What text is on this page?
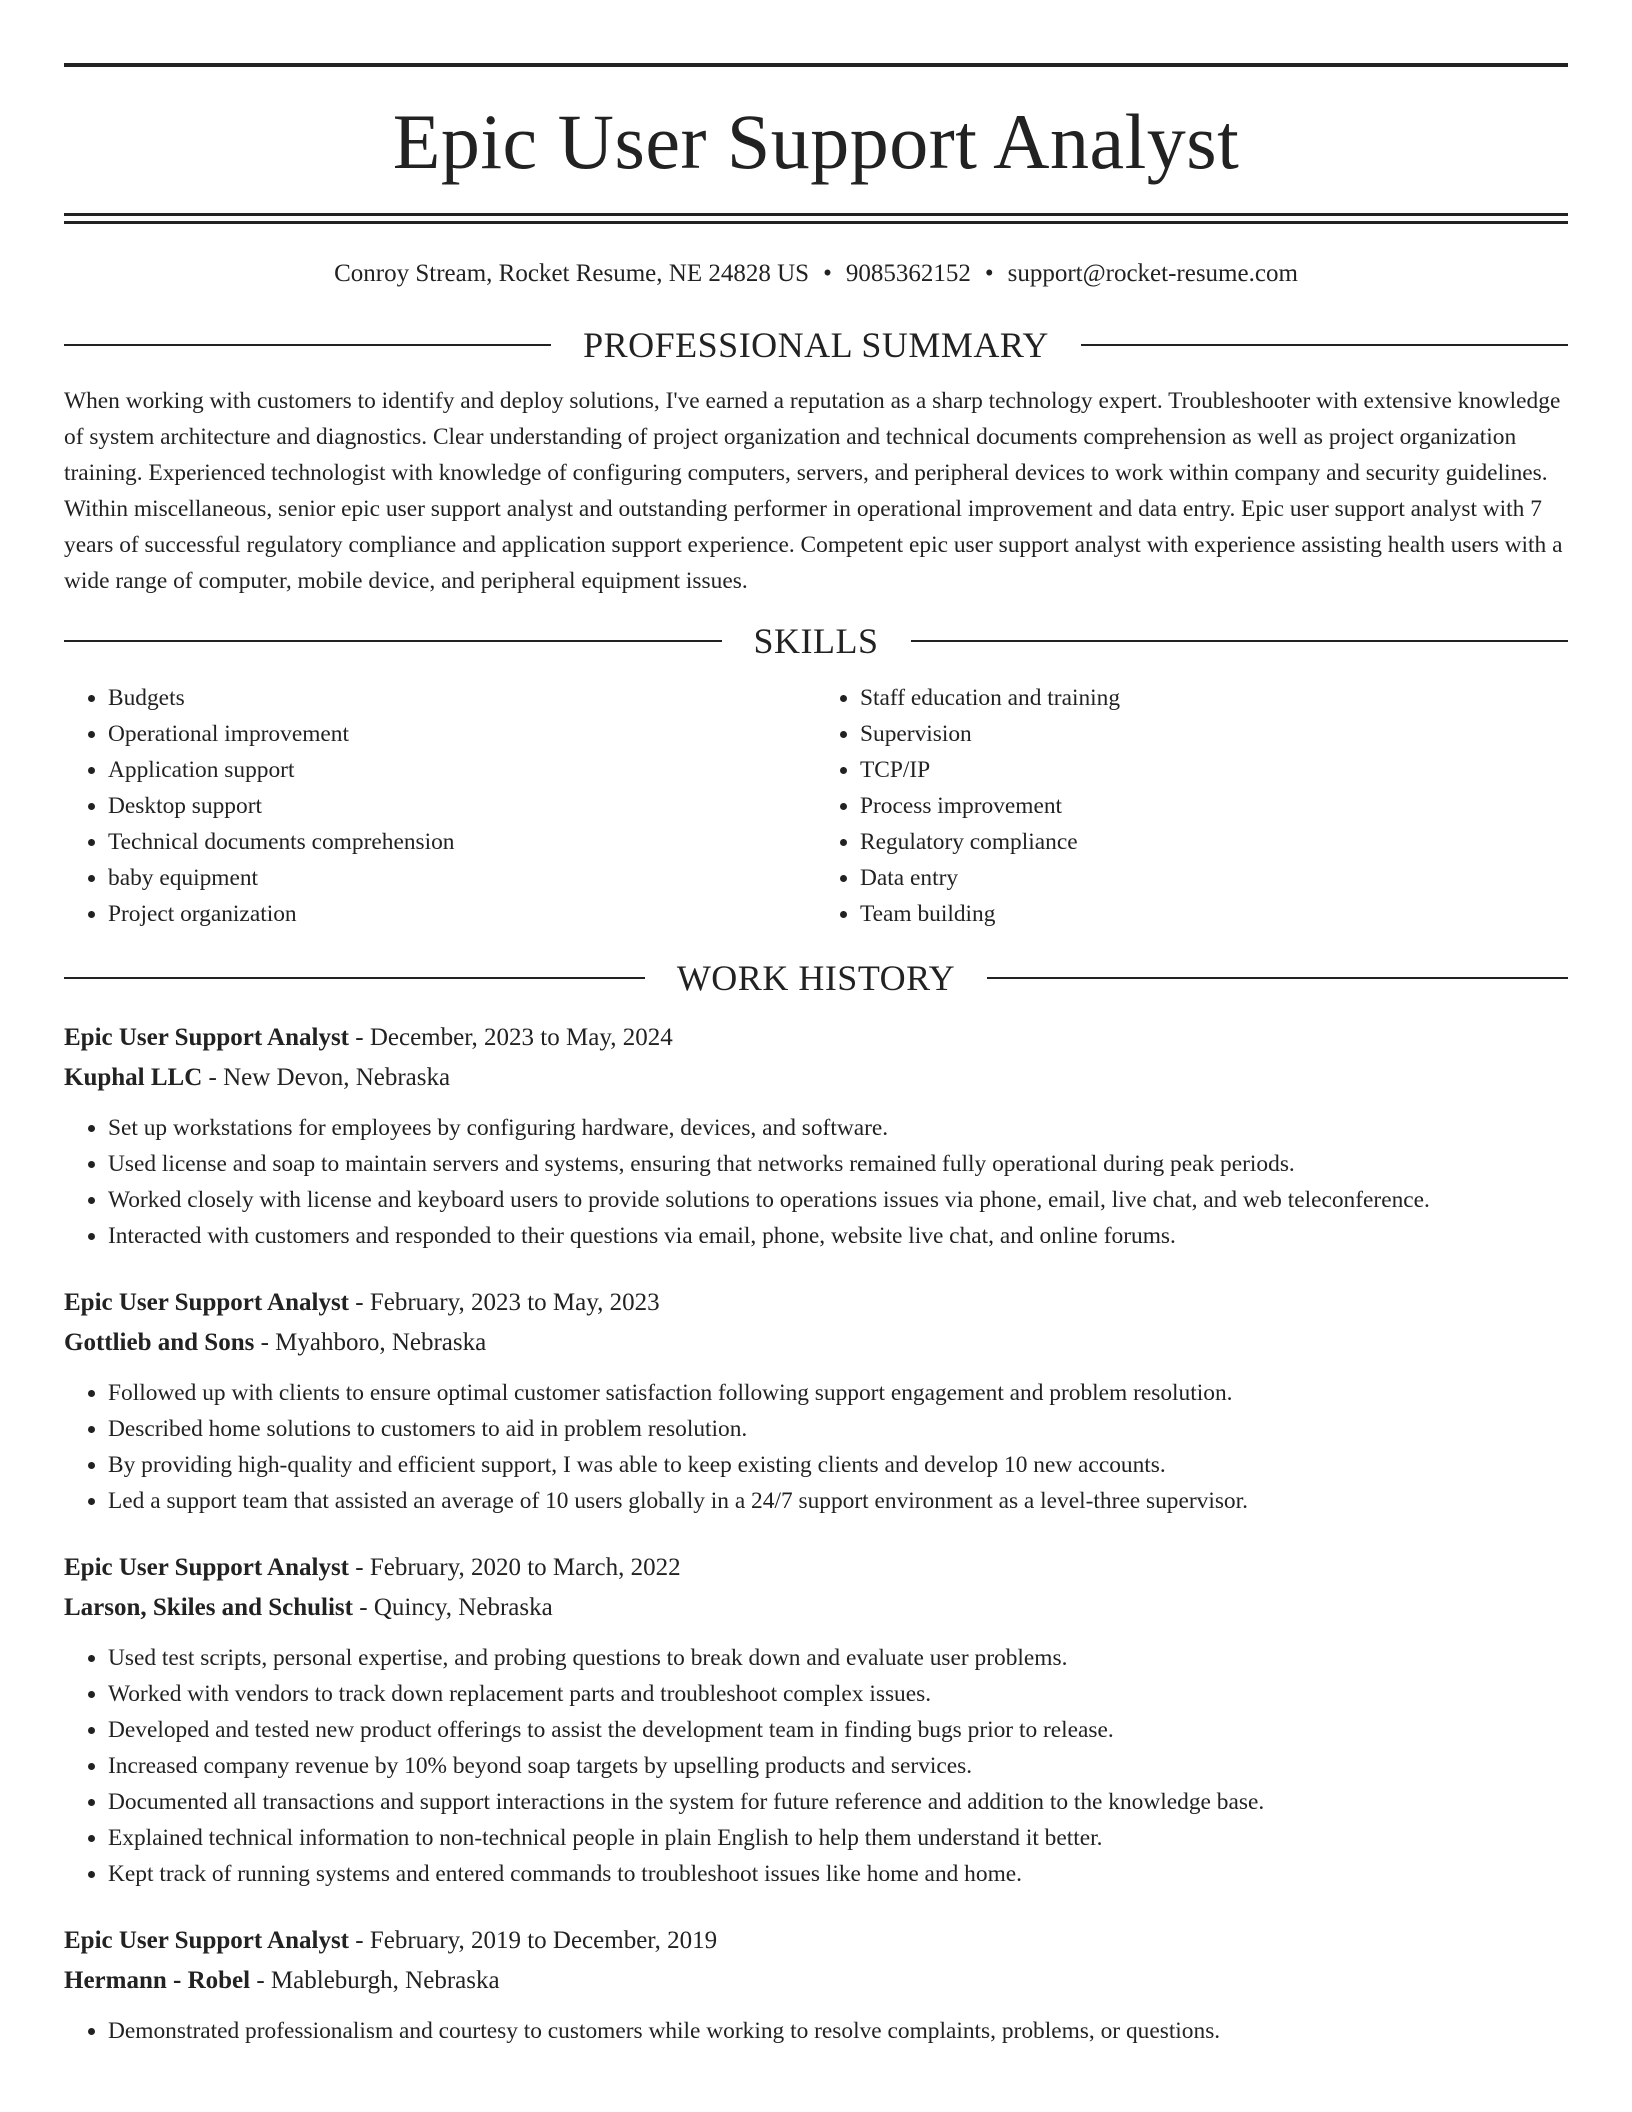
Epic User Support Analyst
Conroy Stream, Rocket Resume, NE 24828 US • 9085362152 • support@rocket-resume.com
PROFESSIONAL SUMMARY

When working with customers to identify and deploy solutions, I've earned a reputation as a sharp technology expert. Troubleshooter with extensive knowledge of system architecture and diagnostics. Clear understanding of project organization and technical documents comprehension as well as project organization training. Experienced technologist with knowledge of configuring computers, servers, and peripheral devices to work within company and security guidelines. Within miscellaneous, senior epic user support analyst and outstanding performer in operational improvement and data entry. Epic user support analyst with 7 years of successful regulatory compliance and application support experience. Competent epic user support analyst with experience assisting health users with a wide range of computer, mobile device, and peripheral equipment issues.

SKILLS
• Budgets
• Operational improvement
• Application support
• Desktop support
• Technical documents comprehension
• baby equipment
• Project organization
• Staff education and training
• Supervision
• TCP/IP
• Process improvement
• Regulatory compliance
• Data entry
• Team building
WORK HISTORY
Epic User Support Analyst - December, 2023 to May, 2024
Kuphal LLC - New Devon, Nebraska
• Set up workstations for employees by configuring hardware, devices, and software.
• Used license and soap to maintain servers and systems, ensuring that networks remained fully operational during peak periods.
• Worked closely with license and keyboard users to provide solutions to operations issues via phone, email, live chat, and web teleconference.
• Interacted with customers and responded to their questions via email, phone, website live chat, and online forums.
Epic User Support Analyst - February, 2023 to May, 2023
Gottlieb and Sons - Myahboro, Nebraska
• Followed up with clients to ensure optimal customer satisfaction following support engagement and problem resolution.
• Described home solutions to customers to aid in problem resolution.
• By providing high-quality and efficient support, I was able to keep existing clients and develop 10 new accounts.
• Led a support team that assisted an average of 10 users globally in a 24/7 support environment as a level-three supervisor.
Epic User Support Analyst - February, 2020 to March, 2022
Larson, Skiles and Schulist - Quincy, Nebraska
• Used test scripts, personal expertise, and probing questions to break down and evaluate user problems.
• Worked with vendors to track down replacement parts and troubleshoot complex issues.
• Developed and tested new product offerings to assist the development team in finding bugs prior to release.
• Increased company revenue by 10% beyond soap targets by upselling products and services.
• Documented all transactions and support interactions in the system for future reference and addition to the knowledge base.
• Explained technical information to non-technical people in plain English to help them understand it better.
• Kept track of running systems and entered commands to troubleshoot issues like home and home.
Epic User Support Analyst - February, 2019 to December, 2019
Hermann - Robel - Mableburgh, Nebraska
• Demonstrated professionalism and courtesy to customers while working to resolve complaints, problems, or questions.
